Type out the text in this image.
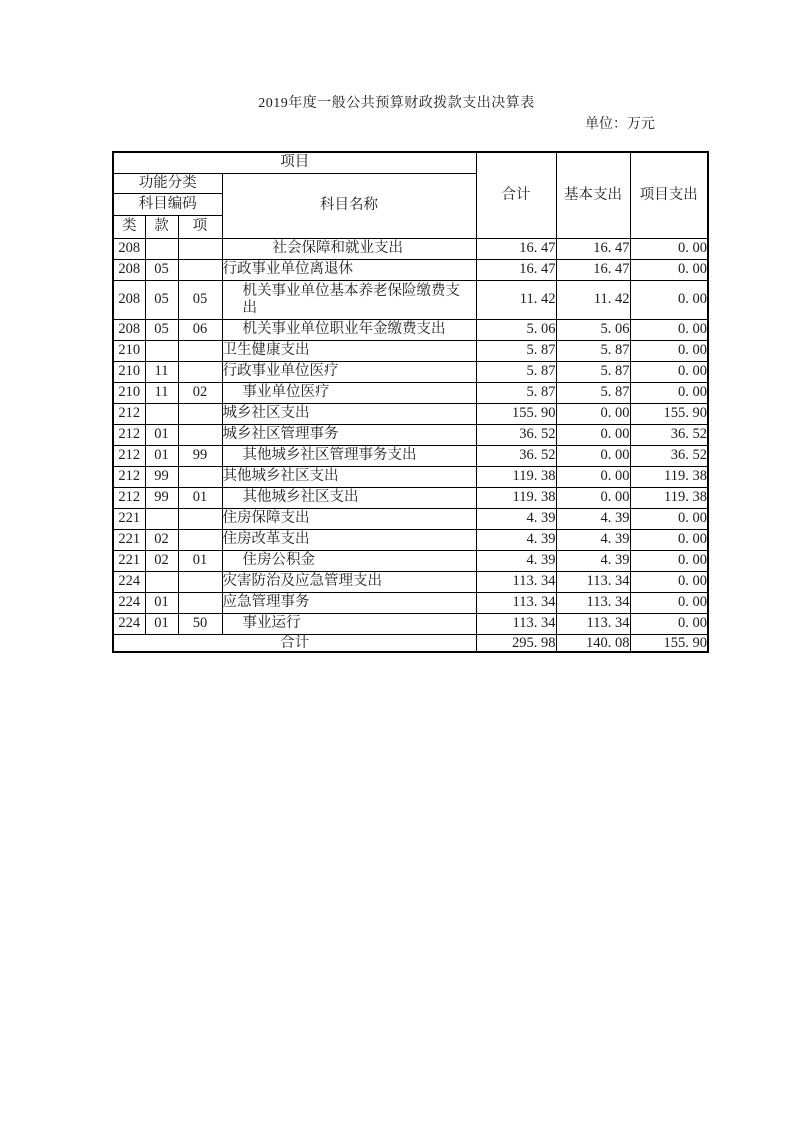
2019年度一般公共预算财政拨款支出决算表
单位：万元
项目				合计	基本支出	项目支出
功能分类			科目名称			
科目编码						
类	款	项				
208			社会保障和就业支出	16. 47	16. 47	0. 00
208	05		行政事业单位离退休	16. 47	16. 47	0. 00
208	05	05	机关事业单位基本养老保险缴费支出	11. 42	11. 42	0. 00
208	05	06	机关事业单位职业年金缴费支出	5. 06	5. 06	0. 00
210			卫生健康支出	5. 87	5. 87	0. 00
210	11		行政事业单位医疗	5. 87	5. 87	0. 00
210	11	02	事业单位医疗	5. 87	5. 87	0. 00
212			城乡社区支出	155. 90	0. 00	155. 90
212	01		城乡社区管理事务	36. 52	0. 00	36. 52
212	01	99	其他城乡社区管理事务支出	36. 52	0. 00	36. 52
212	99		其他城乡社区支出	119. 38	0. 00	119. 38
212	99	01	其他城乡社区支出	119. 38	0. 00	119. 38
221			住房保障支出	4. 39	4. 39	0. 00
221	02		住房改革支出	4. 39	4. 39	0. 00
221	02	01	住房公积金	4. 39	4. 39	0. 00
224			灾害防治及应急管理支出	113. 34	113. 34	0. 00
224	01		应急管理事务	113. 34	113. 34	0. 00
224	01	50	事业运行	113. 34	113. 34	0. 00
合计				295. 98	140. 08	155. 90
